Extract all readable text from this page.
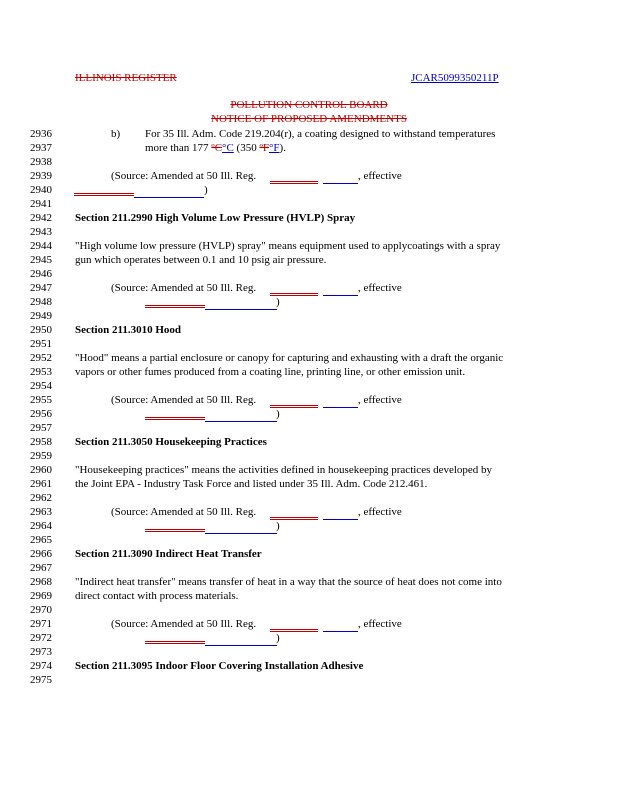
ILLINOIS REGISTER	JCAR5099350211P
POLLUTION CONTROL BOARD
NOTICE OF PROPOSED AMENDMENTS
2936
2937
2938
2939
2940
2941
2942
2943
2944
2945
2946
2947
2948
2949
2950
2951
2952
2953
2954
2955
2956
2957
2958
2959
2960
2961
2962
2963
2964
2965
2966
2967
2968
2969
2970
2971
2972
2973
2974
2975
b) For 35 Ill. Adm. Code 219.204(r), a coating designed to withstand temperatures
more than 177 ºC°C (350 ºF°F).
(Source: Amended at 50 Ill. Reg.	, effective
)
Section 211.2990 High Volume Low Pressure (HVLP) Spray
"High volume low pressure (HVLP) spray" means equipment used to applycoatings with a spray
gun which operates between 0.1 and 10 psig air pressure.
(Source: Amended at 50 Ill. Reg.	, effective
)
Section 211.3010 Hood
"Hood" means a partial enclosure or canopy for capturing and exhausting with a draft the organic
vapors or other fumes produced from a coating line, printing line, or other emission unit.
(Source: Amended at 50 Ill. Reg.	, effective
)
Section 211.3050 Housekeeping Practices
"Housekeeping practices" means the activities defined in housekeeping practices developed by
the Joint EPA - Industry Task Force and listed under 35 Ill. Adm. Code 212.461.
(Source: Amended at 50 Ill. Reg.	, effective
)
Section 211.3090 Indirect Heat Transfer
"Indirect heat transfer" means transfer of heat in a way that the source of heat does not come into
direct contact with process materials.
(Source: Amended at 50 Ill. Reg.	, effective
)
Section 211.3095 Indoor Floor Covering Installation Adhesive
